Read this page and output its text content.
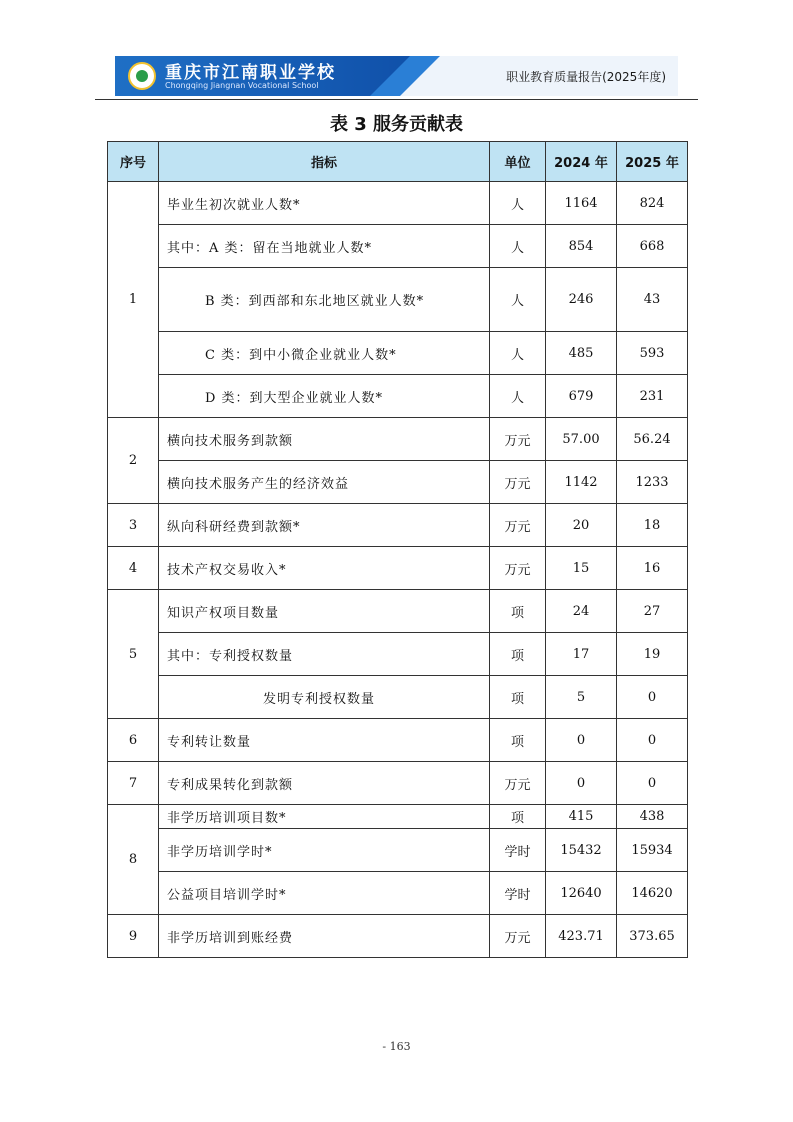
重庆市江南职业学校
Chongqing Jiangnan Vocational School
职业教育质量报告(2025年度)
表 3 服务贡献表
序号	指标	单位	2024 年	2025 年
1	毕业生初次就业人数*	人	1164	824
	其中：A 类：留在当地就业人数*	人	854	668
	B 类：到西部和东北地区就业人数*	人	246	43
	C 类：到中小微企业就业人数*	人	485	593
	D 类：到大型企业就业人数*	人	679	231
2	横向技术服务到款额	万元	57.00	56.24
	横向技术服务产生的经济效益	万元	1142	1233
3	纵向科研经费到款额*	万元	20	18
4	技术产权交易收入*	万元	15	16
5	知识产权项目数量	项	24	27
	其中：专利授权数量	项	17	19
	发明专利授权数量	项	5	0
6	专利转让数量	项	0	0
7	专利成果转化到款额	万元	0	0
8	非学历培训项目数*	项	415	438
	非学历培训学时*	学时	15432	15934
	公益项目培训学时*	学时	12640	14620
9	非学历培训到账经费	万元	423.71	373.65
- 163
